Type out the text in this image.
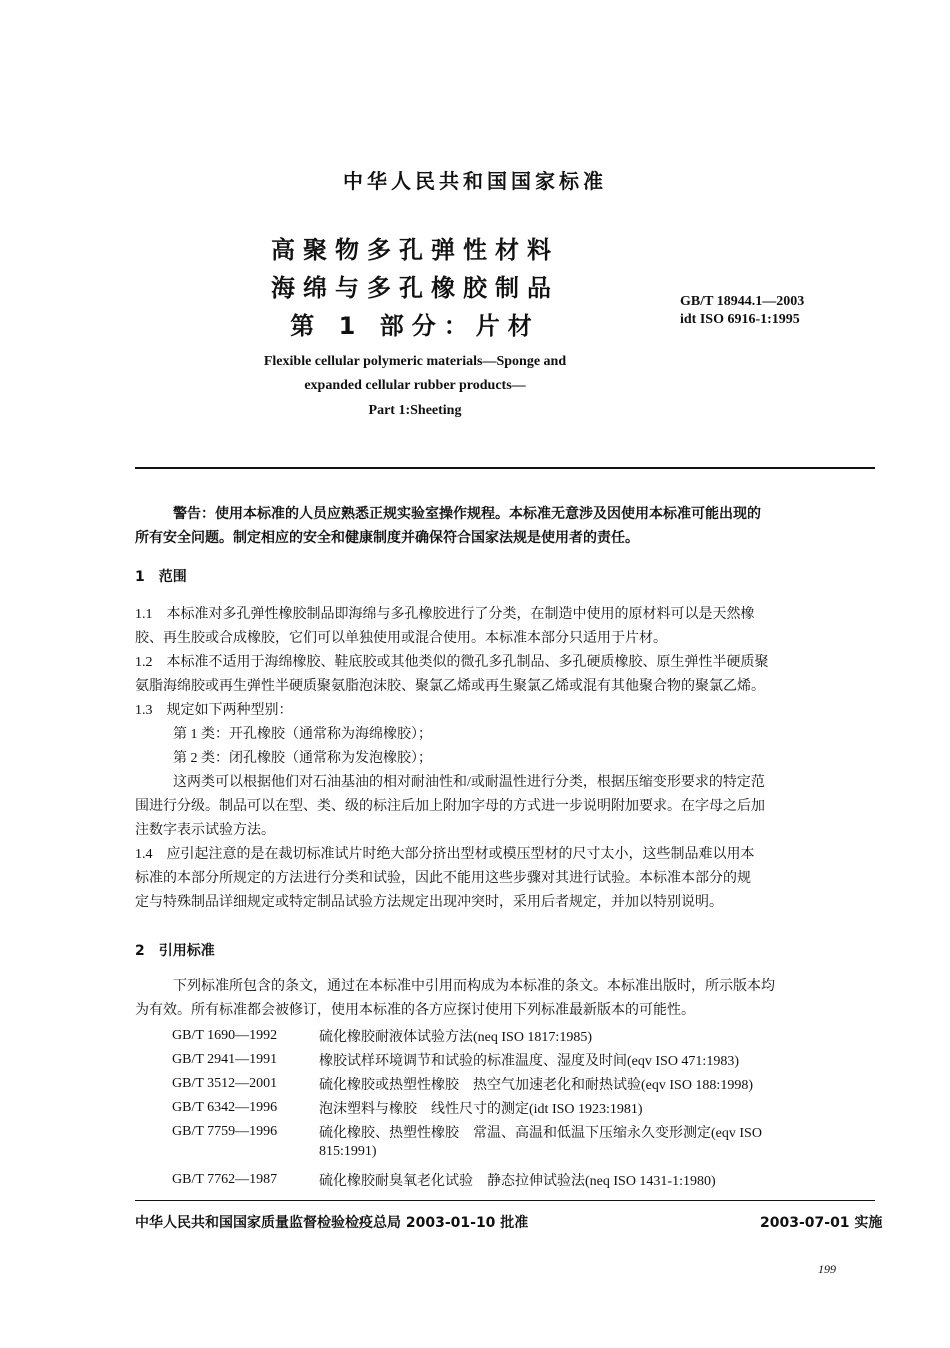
中华人民共和国国家标准
高聚物多孔弹性材料
海绵与多孔橡胶制品
第 1 部分：片材
GB/T 18944.1—2003
idt ISO 6916-1:1995
Flexible cellular polymeric materials—Sponge and
expanded cellular rubber products—
Part 1:Sheeting
警告：使用本标准的人员应熟悉正规实验室操作规程。本标准无意涉及因使用本标准可能出现的
所有安全问题。制定相应的安全和健康制度并确保符合国家法规是使用者的责任。
1　范围
1.1　本标准对多孔弹性橡胶制品即海绵与多孔橡胶进行了分类，在制造中使用的原材料可以是天然橡
胶、再生胶或合成橡胶，它们可以单独使用或混合使用。本标准本部分只适用于片材。
1.2　本标准不适用于海绵橡胶、鞋底胶或其他类似的微孔多孔制品、多孔硬质橡胶、原生弹性半硬质聚
氨脂海绵胶或再生弹性半硬质聚氨脂泡沫胶、聚氯乙烯或再生聚氯乙烯或混有其他聚合物的聚氯乙烯。
1.3　规定如下两种型别：
第 1 类：开孔橡胶（通常称为海绵橡胶）；
第 2 类：闭孔橡胶（通常称为发泡橡胶）；
这两类可以根据他们对石油基油的相对耐油性和/或耐温性进行分类，根据压缩变形要求的特定范
围进行分级。制品可以在型、类、级的标注后加上附加字母的方式进一步说明附加要求。在字母之后加
注数字表示试验方法。
1.4　应引起注意的是在裁切标准试片时绝大部分挤出型材或模压型材的尺寸太小，这些制品难以用本
标准的本部分所规定的方法进行分类和试验，因此不能用这些步骤对其进行试验。本标准本部分的规
定与特殊制品详细规定或特定制品试验方法规定出现冲突时，采用后者规定，并加以特别说明。
2　引用标准
下列标准所包含的条文，通过在本标准中引用而构成为本标准的条文。本标准出版时，所示版本均
为有效。所有标准都会被修订，使用本标准的各方应探讨使用下列标准最新版本的可能性。
GB/T 1690—1992	硫化橡胶耐液体试验方法(neq ISO 1817:1985)
GB/T 2941—1991	橡胶试样环境调节和试验的标准温度、湿度及时间(eqv ISO 471:1983)
GB/T 3512—2001	硫化橡胶或热塑性橡胶　热空气加速老化和耐热试验(eqv ISO 188:1998)
GB/T 6342—1996	泡沫塑料与橡胶　线性尺寸的测定(idt ISO 1923:1981)
GB/T 7759—1996	硫化橡胶、热塑性橡胶　常温、高温和低温下压缩永久变形测定(eqv ISO
815:1991)
GB/T 7762—1987	硫化橡胶耐臭氧老化试验　静态拉伸试验法(neq ISO 1431-1:1980)
中华人民共和国国家质量监督检验检疫总局 2003-01-10 批准	2003-07-01 实施
199
